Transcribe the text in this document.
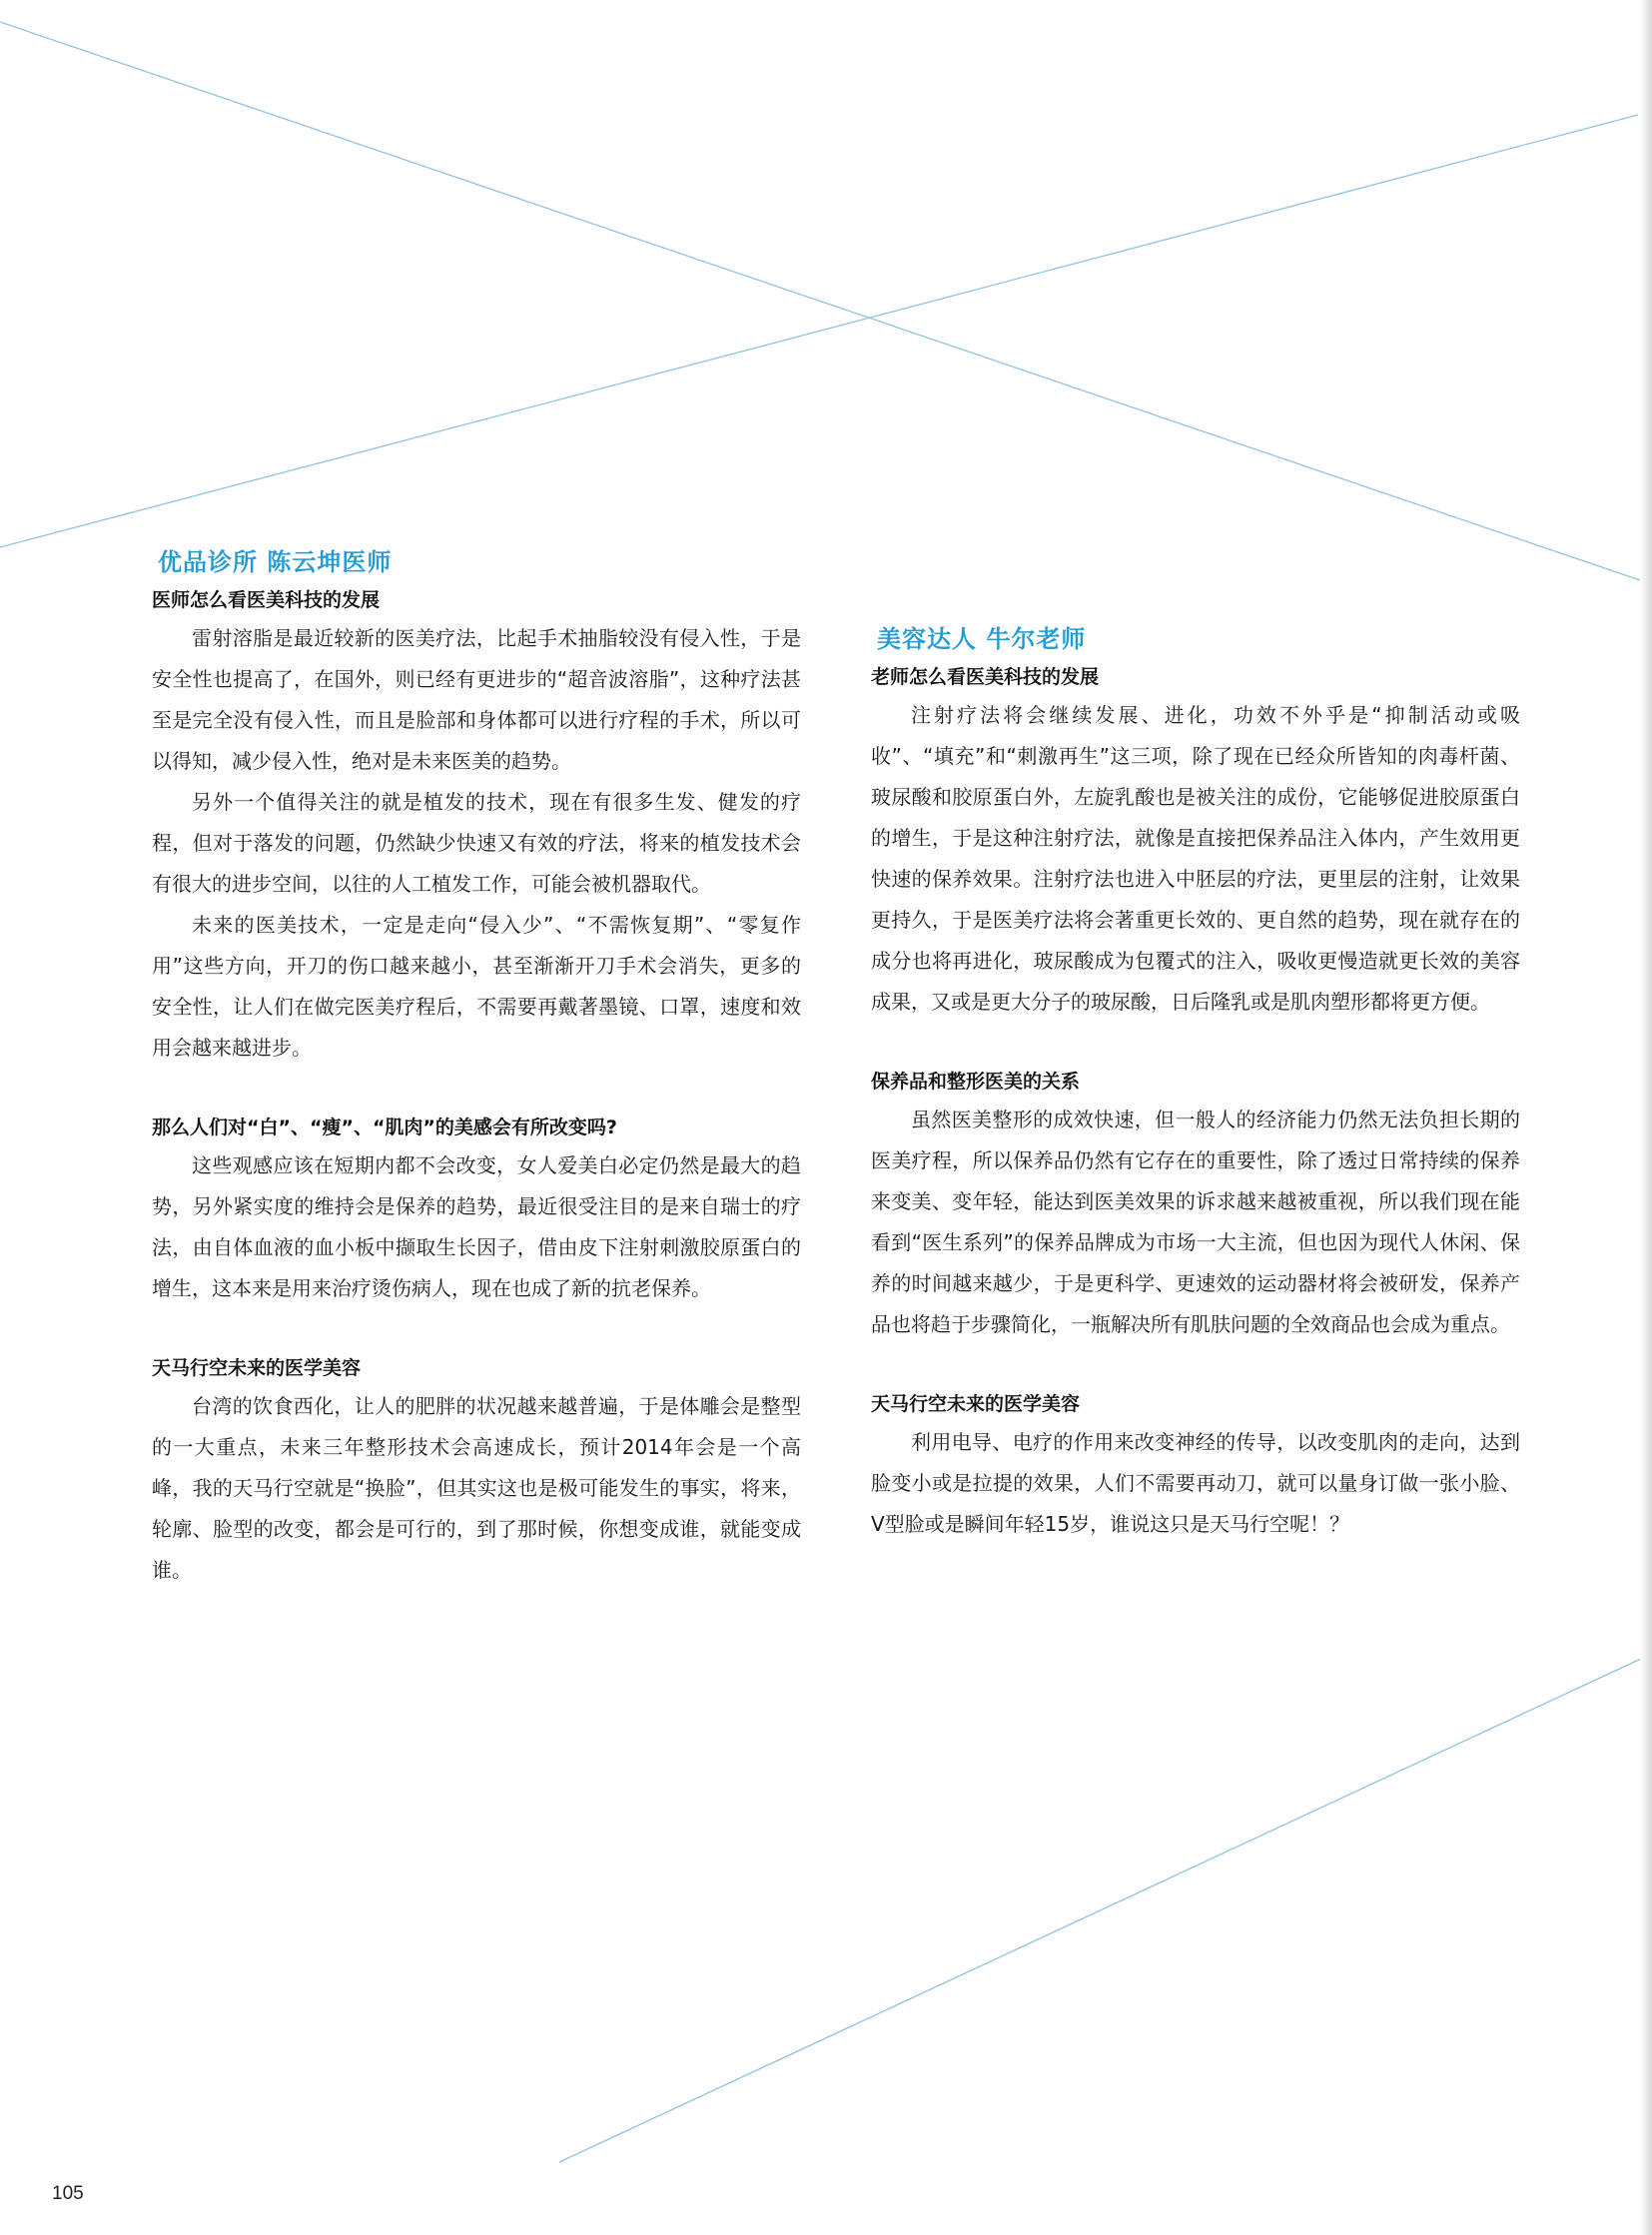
优品诊所 陈云坤医师
医师怎么看医美科技的发展

雷射溶脂是最近较新的医美疗法，比起手术抽脂较没有侵入性，于是安全性也提高了，在国外，则已经有更进步的“超音波溶脂”，这种疗法甚至是完全没有侵入性，而且是脸部和身体都可以进行疗程的手术，所以可以得知，减少侵入性，绝对是未来医美的趋势。

另外一个值得关注的就是植发的技术，现在有很多生发、健发的疗程，但对于落发的问题，仍然缺少快速又有效的疗法，将来的植发技术会有很大的进步空间，以往的人工植发工作，可能会被机器取代。

未来的医美技术，一定是走向“侵入少”、“不需恢复期”、“零复作用”这些方向，开刀的伤口越来越小，甚至渐渐开刀手术会消失，更多的安全性，让人们在做完医美疗程后，不需要再戴著墨镜、口罩，速度和效用会越来越进步。

那么人们对“白”、“瘦”、“肌肉”的美感会有所改变吗?

这些观感应该在短期内都不会改变，女人爱美白必定仍然是最大的趋势，另外紧实度的维持会是保养的趋势，最近很受注目的是来自瑞士的疗法，由自体血液的血小板中撷取生长因子，借由皮下注射刺激胶原蛋白的增生，这本来是用来治疗烫伤病人，现在也成了新的抗老保养。

天马行空未来的医学美容

台湾的饮食西化，让人的肥胖的状况越来越普遍，于是体雕会是整型的一大重点，未来三年整形技术会高速成长，预计2014年会是一个高峰，我的天马行空就是“换脸”，但其实这也是极可能发生的事实，将来，轮廓、脸型的改变，都会是可行的，到了那时候，你想变成谁，就能变成谁。

美容达人 牛尔老师
老师怎么看医美科技的发展

注射疗法将会继续发展、进化，功效不外乎是“抑制活动或吸收”、“填充”和“刺激再生”这三项，除了现在已经众所皆知的肉毒杆菌、玻尿酸和胶原蛋白外，左旋乳酸也是被关注的成份，它能够促进胶原蛋白的增生，于是这种注射疗法，就像是直接把保养品注入体内，产生效用更快速的保养效果。注射疗法也进入中胚层的疗法，更里层的注射，让效果更持久，于是医美疗法将会著重更长效的、更自然的趋势，现在就存在的成分也将再进化，玻尿酸成为包覆式的注入，吸收更慢造就更长效的美容成果，又或是更大分子的玻尿酸，日后隆乳或是肌肉塑形都将更方便。

保养品和整形医美的关系

虽然医美整形的成效快速，但一般人的经济能力仍然无法负担长期的医美疗程，所以保养品仍然有它存在的重要性，除了透过日常持续的保养来变美、变年轻，能达到医美效果的诉求越来越被重视，所以我们现在能看到“医生系列”的保养品牌成为市场一大主流，但也因为现代人休闲、保养的时间越来越少，于是更科学、更速效的运动器材将会被研发，保养产品也将趋于步骤简化，一瓶解决所有肌肤问题的全效商品也会成为重点。

天马行空未来的医学美容

利用电导、电疗的作用来改变神经的传导，以改变肌肉的走向，达到脸变小或是拉提的效果，人们不需要再动刀，就可以量身订做一张小脸、V型脸或是瞬间年轻15岁，谁说这只是天马行空呢！？

105
